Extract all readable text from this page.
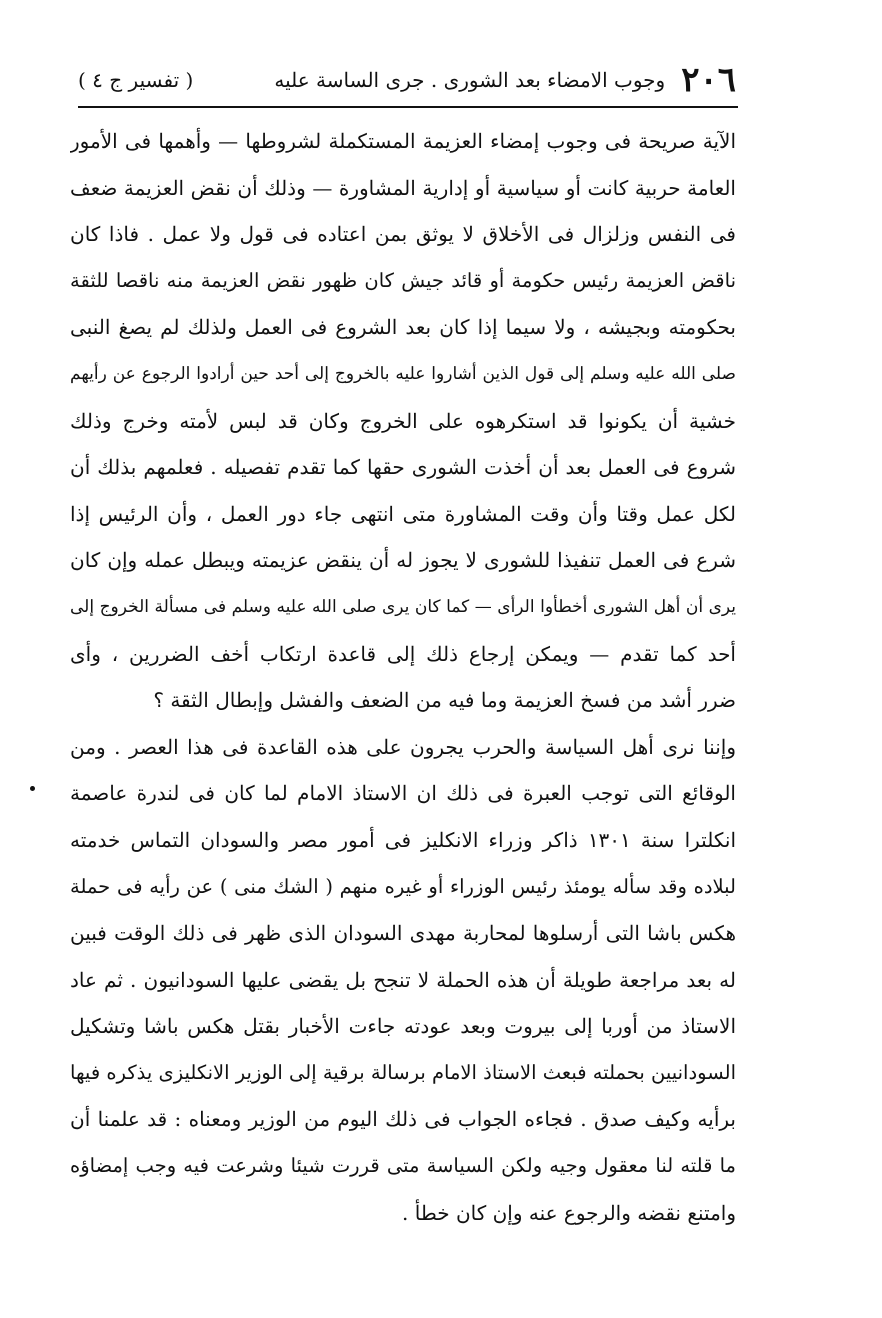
٢٠٦
وجوب الامضاء بعد الشورى . جرى الساسة عليه
( تفسير ج ٤ )
الآية صريحة فى وجوب إمضاء العزيمة المستكملة لشروطها — وأهمها فى الأمور
العامة حربية كانت أو سياسية أو إدارية المشاورة — وذلك أن نقض العزيمة ضعف
فى النفس وزلزال فى الأخلاق لا يوثق بمن اعتاده فى قول ولا عمل . فاذا كان
ناقض العزيمة رئيس حكومة أو قائد جيش كان ظهور نقض العزيمة منه ناقصا للثقة
بحكومته وبجيشه ، ولا سيما إذا كان بعد الشروع فى العمل ولذلك لم يصغ النبى
صلى الله عليه وسلم إلى قول الذين أشاروا عليه بالخروج إلى أحد حين أرادوا الرجوع عن رأيهم
خشية أن يكونوا قد استكرهوه على الخروج وكان قد لبس لأمته وخرج وذلك
شروع فى العمل بعد أن أخذت الشورى حقها كما تقدم تفصيله . فعلمهم بذلك أن
لكل عمل وقتا وأن وقت المشاورة متى انتهى جاء دور العمل ، وأن الرئيس إذا
شرع فى العمل تنفيذا للشورى لا يجوز له أن ينقض عزيمته ويبطل عمله وإن كان
يرى أن أهل الشورى أخطأوا الرأى — كما كان يرى صلى الله عليه وسلم فى مسألة الخروج إلى
أحد كما تقدم — ويمكن إرجاع ذلك إلى قاعدة ارتكاب أخف الضررين ، وأى
ضرر أشد من فسخ العزيمة وما فيه من الضعف والفشل وإبطال الثقة ؟
وإننا نرى أهل السياسة والحرب يجرون على هذه القاعدة فى هذا العصر . ومن
الوقائع التى توجب العبرة فى ذلك ان الاستاذ الامام لما كان فى لندرة عاصمة
انكلترا سنة ١٣٠١ ذاكر وزراء الانكليز فى أمور مصر والسودان التماس خدمته
لبلاده وقد سأله يومئذ رئيس الوزراء أو غيره منهم ( الشك منى ) عن رأيه فى حملة
هكس باشا التى أرسلوها لمحاربة مهدى السودان الذى ظهر فى ذلك الوقت فبين
له بعد مراجعة طويلة أن هذه الحملة لا تنجح بل يقضى عليها السودانيون . ثم عاد
الاستاذ من أوربا إلى بيروت وبعد عودته جاءت الأخبار بقتل هكس باشا وتشكيل
السودانيين بحملته فبعث الاستاذ الامام برسالة برقية إلى الوزير الانكليزى يذكره فيها
برأيه وكيف صدق . فجاءه الجواب فى ذلك اليوم من الوزير ومعناه : قد علمنا أن
ما قلته لنا معقول وجيه ولكن السياسة متى قررت شيئا وشرعت فيه وجب إمضاؤه
وامتنع نقضه والرجوع عنه وإن كان خطأ .
